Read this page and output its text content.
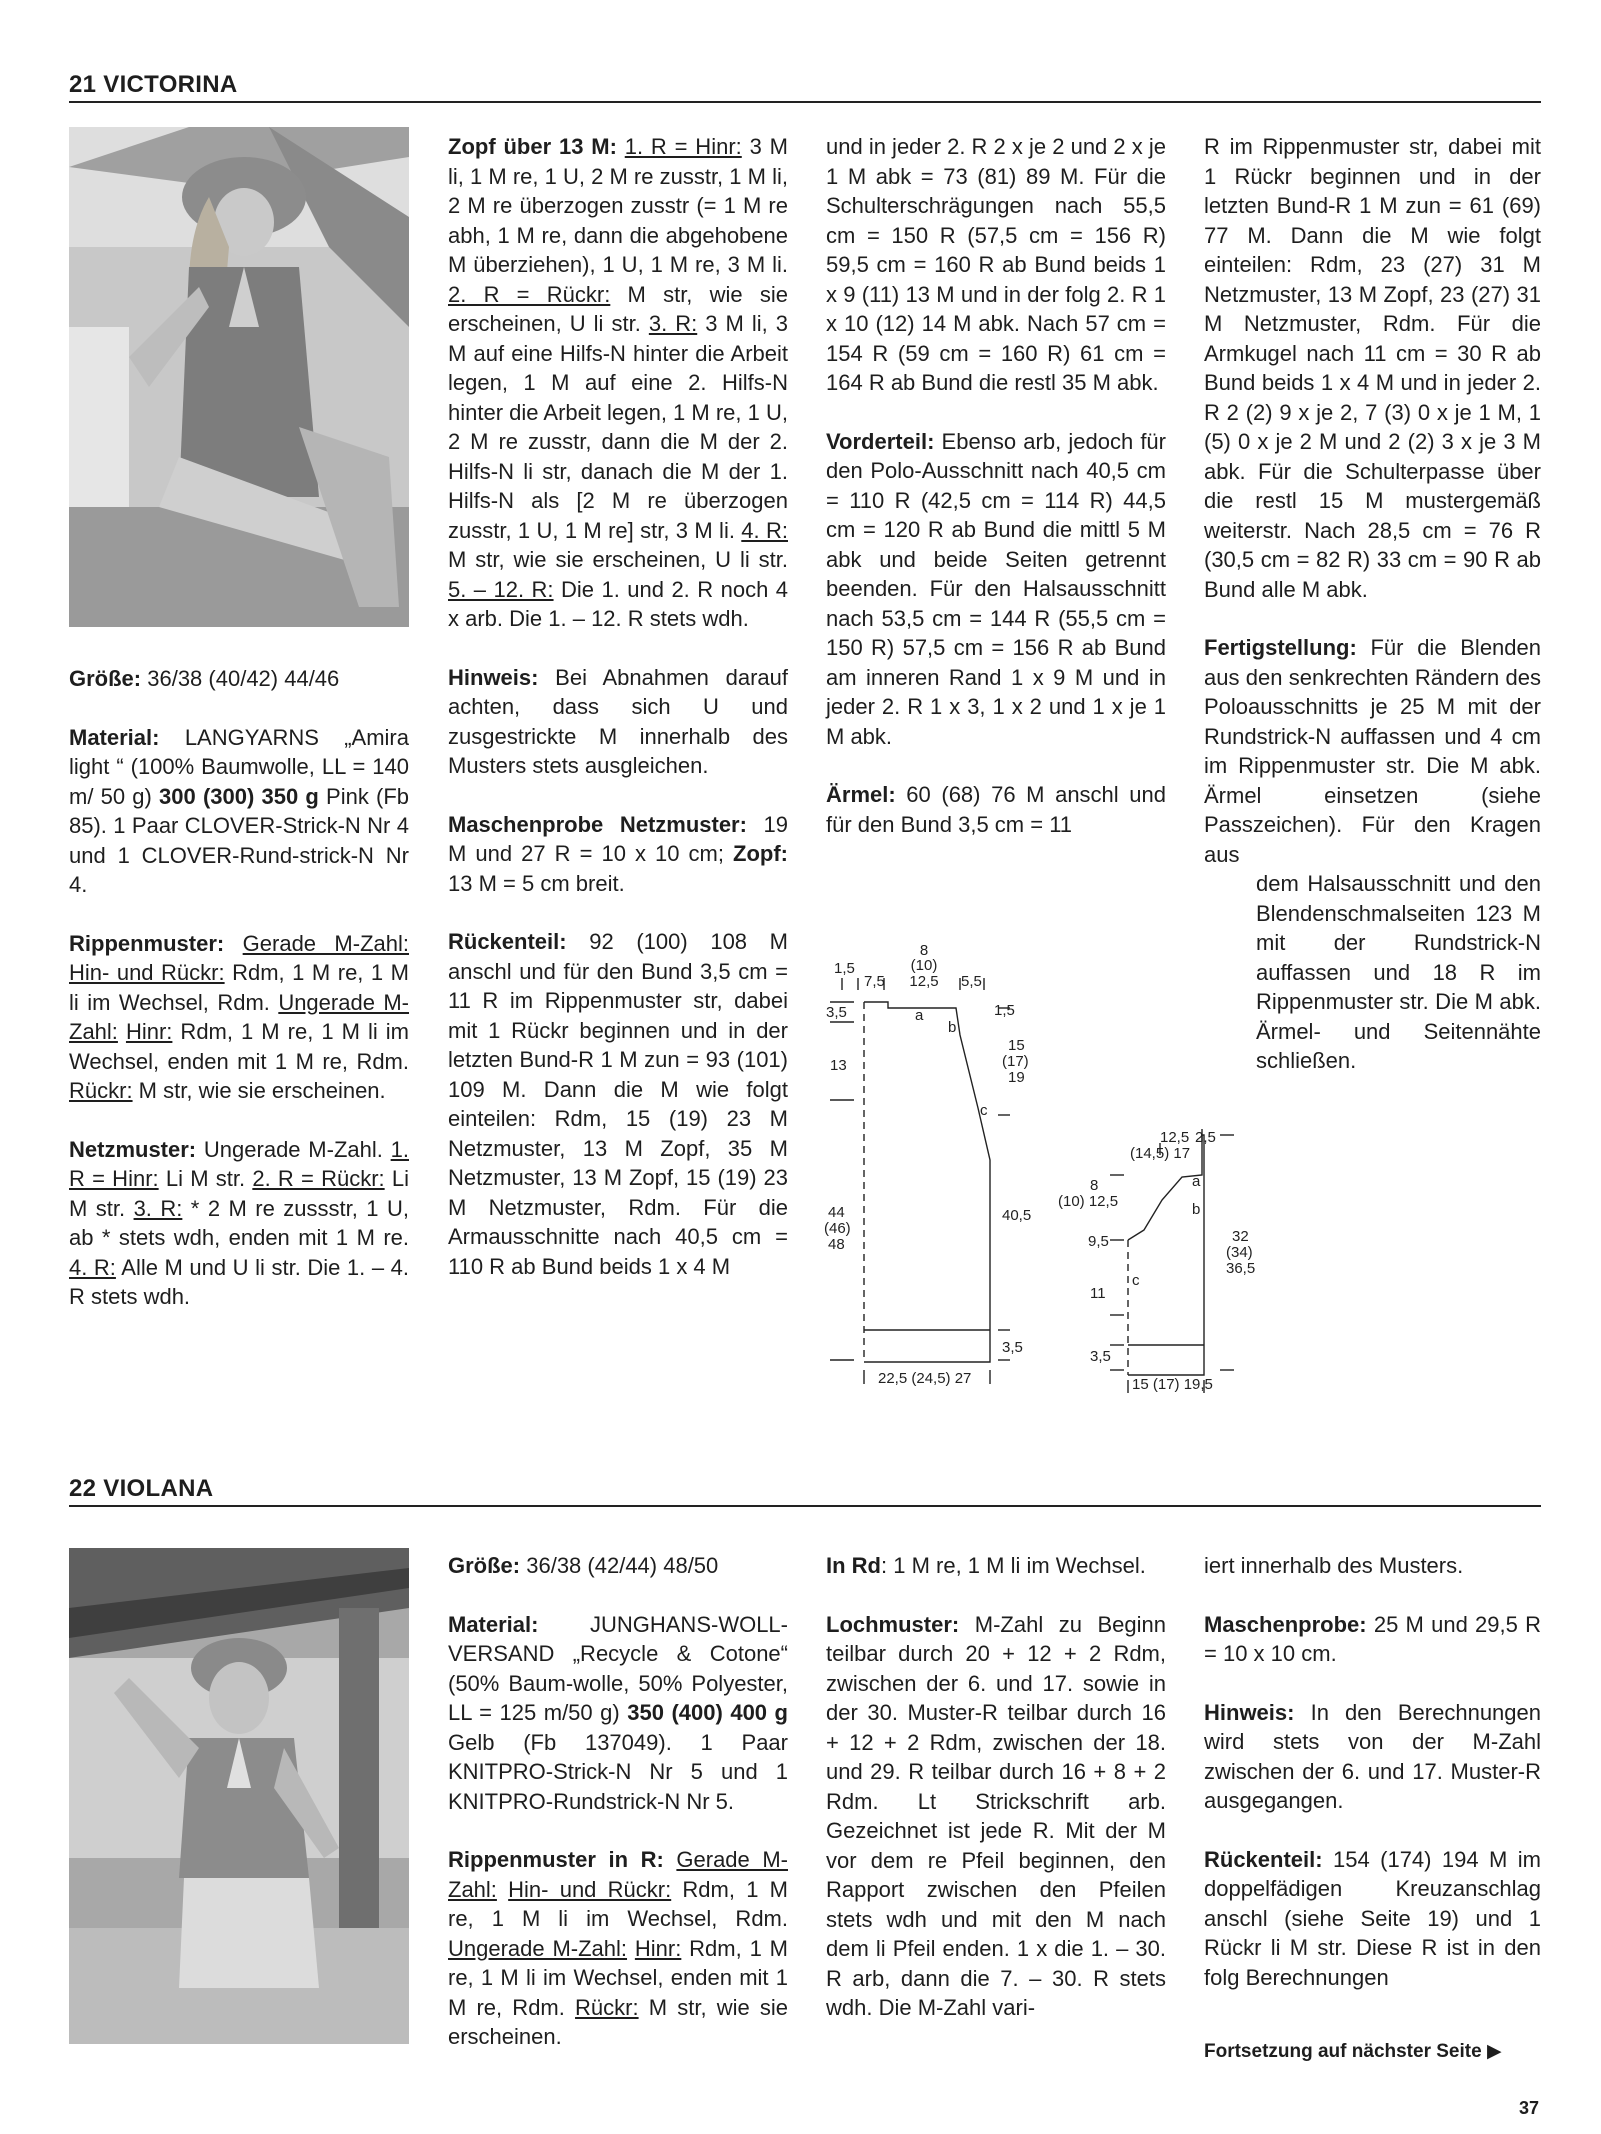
21 VICTORINA

Größe: 36/38 (40/42) 44/46

Material: LANGYARNS „Amira light “ (100% Baumwolle, LL = 140 m/ 50 g) 300 (300) 350 g Pink (Fb 85). 1 Paar CLOVER-Strick-N Nr 4 und 1 CLOVER-Rund-strick-N Nr 4.

Rippenmuster: Gerade M-Zahl: Hin- und Rückr: Rdm, 1 M re, 1 M li im Wechsel, Rdm. Ungerade M-Zahl: Hinr: Rdm, 1 M re, 1 M li im Wechsel, enden mit 1 M re, Rdm. Rückr: M str, wie sie erscheinen.

Netzmuster: Ungerade M-Zahl. 1. R = Hinr: Li M str. 2. R = Rückr: Li M str. 3. R: * 2 M re zussstr, 1 U, ab * stets wdh, enden mit 1 M re. 4. R: Alle M und U li str. Die 1. – 4. R stets wdh.

Zopf über 13 M: 1. R = Hinr: 3 M li, 1 M re, 1 U, 2 M re zusstr, 1 M li, 2 M re überzogen zusstr (= 1 M re abh, 1 M re, dann die abgehobene M überziehen), 1 U, 1 M re, 3 M li. 2. R = Rückr: M str, wie sie erscheinen, U li str. 3. R: 3 M li, 3 M auf eine Hilfs-N hinter die Arbeit legen, 1 M auf eine 2. Hilfs-N hinter die Arbeit legen, 1 M re, 1 U, 2 M re zusstr, dann die M der 2. Hilfs-N li str, danach die M der 1. Hilfs-N als [2 M re überzogen zusstr, 1 U, 1 M re] str, 3 M li. 4. R: M str, wie sie erscheinen, U li str. 5. – 12. R: Die 1. und 2. R noch 4 x arb. Die 1. – 12. R stets wdh.

Hinweis: Bei Abnahmen darauf achten, dass sich U und zusgestrickte M innerhalb des Musters stets ausgleichen.

Maschenprobe Netzmuster: 19 M und 27 R = 10 x 10 cm; Zopf: 13 M = 5 cm breit.

Rückenteil: 92 (100) 108 M anschl und für den Bund 3,5 cm = 11 R im Rippenmuster str, dabei mit 1 Rückr beginnen und in der letzten Bund-R 1 M zun = 93 (101) 109 M. Dann die M wie folgt einteilen: Rdm, 15 (19) 23 M Netzmuster, 13 M Zopf, 35 M Netzmuster, 13 M Zopf, 15 (19) 23 M Netzmuster, Rdm. Für die Armausschnitte nach 40,5 cm = 110 R ab Bund beids 1 x 4 M

und in jeder 2. R 2 x je 2 und 2 x je 1 M abk = 73 (81) 89 M. Für die Schulterschrägungen nach 55,5 cm = 150 R (57,5 cm = 156 R) 59,5 cm = 160 R ab Bund beids 1 x 9 (11) 13 M und in der folg 2. R 1 x 10 (12) 14 M abk. Nach 57 cm = 154 R (59 cm = 160 R) 61 cm = 164 R ab Bund die restl 35 M abk.

Vorderteil: Ebenso arb, jedoch für den Polo-Ausschnitt nach 40,5 cm = 110 R (42,5 cm = 114 R) 44,5 cm = 120 R ab Bund die mittl 5 M abk und beide Seiten getrennt beenden. Für den Halsausschnitt nach 53,5 cm = 144 R (55,5 cm = 150 R) 57,5 cm = 156 R ab Bund am inneren Rand 1 x 9 M und in jeder 2. R 1 x 3, 1 x 2 und 1 x je 1 M abk.

Ärmel: 60 (68) 76 M anschl und für den Bund 3,5 cm = 11

R im Rippenmuster str, dabei mit 1 Rückr beginnen und in der letzten Bund-R 1 M zun = 61 (69) 77 M. Dann die M wie folgt einteilen: Rdm, 23 (27) 31 M Netzmuster, 13 M Zopf, 23 (27) 31 M Netzmuster, Rdm. Für die Armkugel nach 11 cm = 30 R ab Bund beids 1 x 4 M und in jeder 2. R 2 (2) 9 x je 2, 7 (3) 0 x je 1 M, 1 (5) 0 x je 2 M und 2 (2) 3 x je 3 M abk. Für die Schulterpasse über die restl 15 M mustergemäß weiterstr. Nach 28,5 cm = 76 R (30,5 cm = 82 R) 33 cm = 90 R ab Bund alle M abk.

Fertigstellung: Für die Blenden aus den senkrechten Rändern des Poloausschnitts je 25 M mit der Rundstrick-N auffassen und 4 cm im Rippenmuster str. Die M abk. Ärmel einsetzen (siehe Passzeichen). Für den Kragen aus

dem Halsausschnitt und den Blendenschmalseiten 123 M mit der Rundstrick-N auffassen und 18 R im Rippenmuster str. Die M abk. Ärmel- und Seitennähte schließen.

8
(10)
12,5
1,5
7,5	5,5
1,5
3,5
13
15
(17)
19
44
(46)
48
40,5
3,5
22,5 (24,5) 27
a
b
c
12,5
(14,5) 17
2,5
8
(10) 12,5
9,5
11
3,5
32
(34)
36,5
15 (17) 19,5
a
b
c
22 VIOLANA

Größe: 36/38 (42/44) 48/50

Material: JUNGHANS-WOLL-VERSAND „Recycle & Cotone“ (50% Baum-wolle, 50% Polyester, LL = 125 m/50 g) 350 (400) 400 g Gelb (Fb 137049). 1 Paar KNITPRO-Strick-N Nr 5 und 1 KNITPRO-Rundstrick-N Nr 5.

Rippenmuster in R: Gerade M-Zahl: Hin- und Rückr: Rdm, 1 M re, 1 M li im Wechsel, Rdm. Ungerade M-Zahl: Hinr: Rdm, 1 M re, 1 M li im Wechsel, enden mit 1 M re, Rdm. Rückr: M str, wie sie erscheinen.

In Rd: 1 M re, 1 M li im Wechsel.

Lochmuster: M-Zahl zu Beginn teilbar durch 20 + 12 + 2 Rdm, zwischen der 6. und 17. sowie in der 30. Muster-R teilbar durch 16 + 12 + 2 Rdm, zwischen der 18. und 29. R teilbar durch 16 + 8 + 2 Rdm. Lt Strickschrift arb. Gezeichnet ist jede R. Mit der M vor dem re Pfeil beginnen, den Rapport zwischen den Pfeilen stets wdh und mit den M nach dem li Pfeil enden. 1 x die 1. – 30. R arb, dann die 7. – 30. R stets wdh. Die M-Zahl vari-

iert innerhalb des Musters.

Maschenprobe: 25 M und 29,5 R = 10 x 10 cm.

Hinweis: In den Berechnungen wird stets von der M-Zahl zwischen der 6. und 17. Muster-R ausgegangen.

Rückenteil: 154 (174) 194 M im doppelfädigen Kreuzanschlag anschl (siehe Seite 19) und 1 Rückr li M str. Diese R ist in den folg Berechnungen

Fortsetzung auf nächster Seite ▶
37
